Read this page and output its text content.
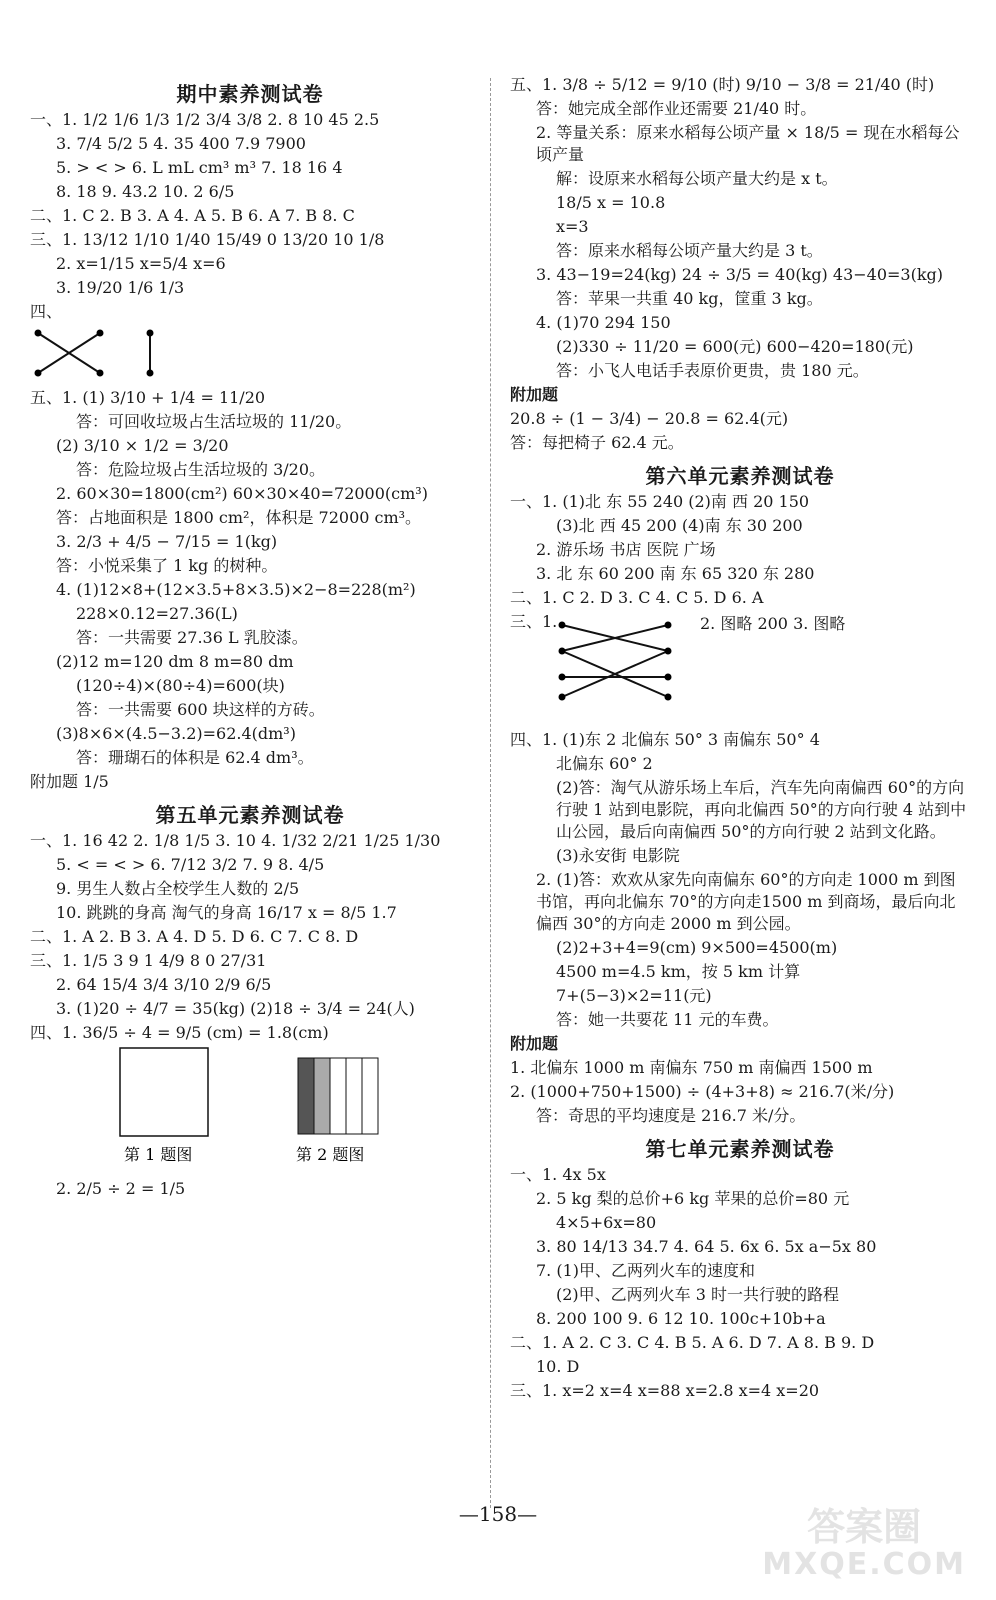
期中素养测试卷
一、1. 1/2 1/6 1/3 1/2 3/4 3/8 2. 8 10 45 2.5
3. 7/4 5/2 5 4. 35 400 7.9 7900
5. > < > 6. L mL cm³ m³ 7. 18 16 4
8. 18 9. 43.2 10. 2 6/5
二、1. C 2. B 3. A 4. A 5. B 6. A 7. B 8. C
三、1. 13/12 1/10 1/40 15/49 0 13/20 10 1/8
2. x=1/15 x=5/4 x=6
3. 19/20 1/6 1/3
四、
五、1. (1) 3/10 + 1/4 = 11/20
答：可回收垃圾占生活垃圾的 11/20。
(2) 3/10 × 1/2 = 3/20
答：危险垃圾占生活垃圾的 3/20。
2. 60×30=1800(cm²) 60×30×40=72000(cm³)
答：占地面积是 1800 cm²，体积是 72000 cm³。
3. 2/3 + 4/5 − 7/15 = 1(kg)
答：小悦采集了 1 kg 的树种。
4. (1)12×8+(12×3.5+8×3.5)×2−8=228(m²)
228×0.12=27.36(L)
答：一共需要 27.36 L 乳胶漆。
(2)12 m=120 dm 8 m=80 dm
(120÷4)×(80÷4)=600(块)
答：一共需要 600 块这样的方砖。
(3)8×6×(4.5−3.2)=62.4(dm³)
答：珊瑚石的体积是 62.4 dm³。
附加题 1/5
第五单元素养测试卷
一、1. 16 42 2. 1/8 1/5 3. 10 4. 1/32 2/21 1/25 1/30
5. < = < > 6. 7/12 3/2 7. 9 8. 4/5
9. 男生人数占全校学生人数的 2/5
10. 跳跳的身高 淘气的身高 16/17 x = 8/5 1.7
二、1. A 2. B 3. A 4. D 5. D 6. C 7. C 8. D
三、1. 1/5 3 9 1 4/9 8 0 27/31
2. 64 15/4 3/4 3/10 2/9 6/5
3. (1)20 ÷ 4/7 = 35(kg) (2)18 ÷ 3/4 = 24(人)
四、1. 36/5 ÷ 4 = 9/5 (cm) = 1.8(cm)
第 1 题图	第 2 题图
2. 2/5 ÷ 2 = 1/5
五、1. 3/8 ÷ 5/12 = 9/10 (时) 9/10 − 3/8 = 21/40 (时)
答：她完成全部作业还需要 21/40 时。
2. 等量关系：原来水稻每公顷产量 × 18/5 = 现在水稻每公顷产量
解：设原来水稻每公顷产量大约是 x t。
18/5 x = 10.8
x=3
答：原来水稻每公顷产量大约是 3 t。
3. 43−19=24(kg) 24 ÷ 3/5 = 40(kg) 43−40=3(kg)
答：苹果一共重 40 kg，筐重 3 kg。
4. (1)70 294 150
(2)330 ÷ 11/20 = 600(元) 600−420=180(元)
答：小飞人电话手表原价更贵，贵 180 元。
附加题
20.8 ÷ (1 − 3/4) − 20.8 = 62.4(元)
答：每把椅子 62.4 元。
第六单元素养测试卷
一、1. (1)北 东 55 240 (2)南 西 20 150
(3)北 西 45 200 (4)南 东 30 200
2. 游乐场 书店 医院 广场
3. 北 东 60 200 南 东 65 320 东 280
二、1. C 2. D 3. C 4. C 5. D 6. A
三、1.	2. 图略 200 3. 图略
四、1. (1)东 2 北偏东 50° 3 南偏东 50° 4
北偏东 60° 2
(2)答：淘气从游乐场上车后，汽车先向南偏西 60°的方向行驶 1 站到电影院，再向北偏西 50°的方向行驶 4 站到中山公园，最后向南偏西 50°的方向行驶 2 站到文化路。
(3)永安街 电影院
2. (1)答：欢欢从家先向南偏东 60°的方向走 1000 m 到图书馆，再向北偏东 70°的方向走1500 m 到商场，最后向北偏西 30°的方向走 2000 m 到公园。
(2)2+3+4=9(cm) 9×500=4500(m)
4500 m=4.5 km，按 5 km 计算
7+(5−3)×2=11(元)
答：她一共要花 11 元的车费。
附加题
1. 北偏东 1000 m 南偏东 750 m 南偏西 1500 m
2. (1000+750+1500) ÷ (4+3+8) ≈ 216.7(米/分)
答：奇思的平均速度是 216.7 米/分。
第七单元素养测试卷
一、1. 4x 5x
2. 5 kg 梨的总价+6 kg 苹果的总价=80 元
4×5+6x=80
3. 80 14/13 34.7 4. 64 5. 6x 6. 5x a−5x 80
7. (1)甲、乙两列火车的速度和
(2)甲、乙两列火车 3 时一共行驶的路程
8. 200 100 9. 6 12 10. 100c+10b+a
二、1. A 2. C 3. C 4. B 5. A 6. D 7. A 8. B 9. D
10. D
三、1. x=2 x=4 x=88 x=2.8 x=4 x=20
—158—	答案圈
MXQE.COM
